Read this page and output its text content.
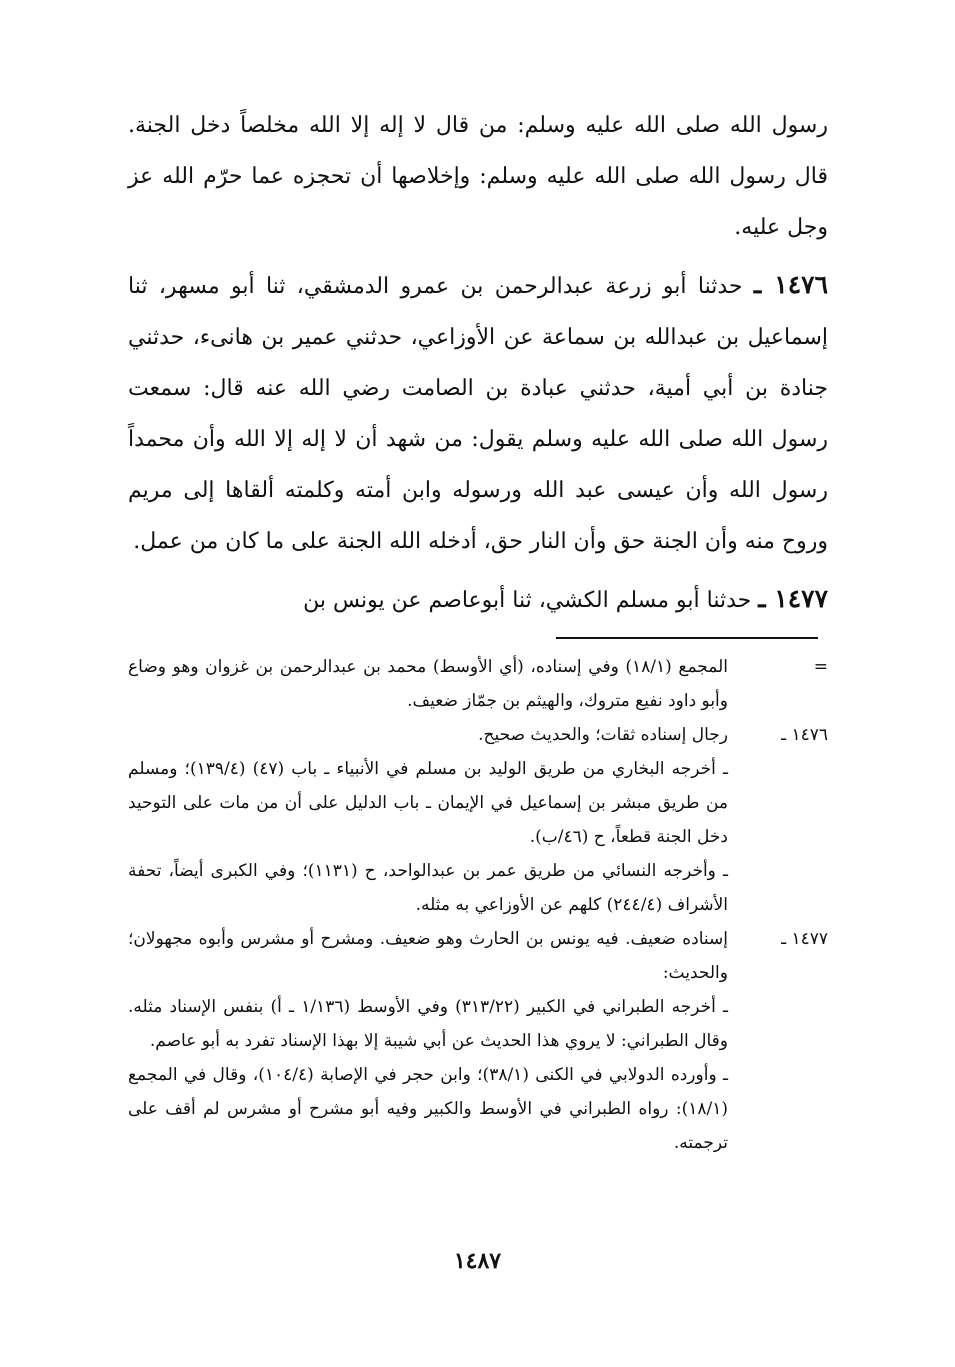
رسول الله صلى الله عليه وسلم: من قال لا إله إلا الله مخلصاً دخل الجنة. قال رسول الله صلى الله عليه وسلم: وإخلاصها أن تحجزه عما حرّم الله عز وجل عليه.

١٤٧٦ ـ حدثنا أبو زرعة عبدالرحمن بن عمرو الدمشقي، ثنا أبو مسهر، ثنا إسماعيل بن عبدالله بن سماعة عن الأوزاعي، حدثني عمير بن هانىء، حدثني جنادة بن أبي أمية، حدثني عبادة بن الصامت رضي الله عنه قال: سمعت رسول الله صلى الله عليه وسلم يقول: من شهد أن لا إله إلا الله وأن محمداً رسول الله وأن عيسى عبد الله ورسوله وابن أمته وكلمته ألقاها إلى مريم وروح منه وأن الجنة حق وأن النار حق، أدخله الله الجنة على ما كان من عمل.

١٤٧٧ ـ حدثنا أبو مسلم الكشي، ثنا أبوعاصم عن يونس بن

=

المجمع (١٨/١) وفي إسناده، (أي الأوسط) محمد بن عبدالرحمن بن غزوان وهو وضاع وأبو داود نفيع متروك، والهيثم بن جمّاز ضعيف.

١٤٧٦ ـ

رجال إسناده ثقات؛ والحديث صحيح.

ـ أخرجه البخاري من طريق الوليد بن مسلم في الأنبياء ـ باب (٤٧) (١٣٩/٤)؛ ومسلم من طريق مبشر بن إسماعيل في الإيمان ـ باب الدليل على أن من مات على التوحيد دخل الجنة قطعاً، ح (٤٦/ب).

ـ وأخرجه النسائي من طريق عمر بن عبدالواحد، ح (١١٣١)؛ وفي الكبرى أيضاً، تحفة الأشراف (٢٤٤/٤) كلهم عن الأوزاعي به مثله.

١٤٧٧ ـ

إسناده ضعيف. فيه يونس بن الحارث وهو ضعيف. ومشرح أو مشرس وأبوه مجهولان؛ والحديث:

ـ أخرجه الطبراني في الكبير (٣١٣/٢٢) وفي الأوسط (١/١٣٦ ـ أ) بنفس الإسناد مثله. وقال الطبراني: لا يروي هذا الحديث عن أبي شيبة إلا بهذا الإسناد تفرد به أبو عاصم.

ـ وأورده الدولابي في الكنى (٣٨/١)؛ وابن حجر في الإصابة (١٠٤/٤)، وقال في المجمع (١٨/١): رواه الطبراني في الأوسط والكبير وفيه أبو مشرح أو مشرس لم أقف على ترجمته.

١٤٨٧
